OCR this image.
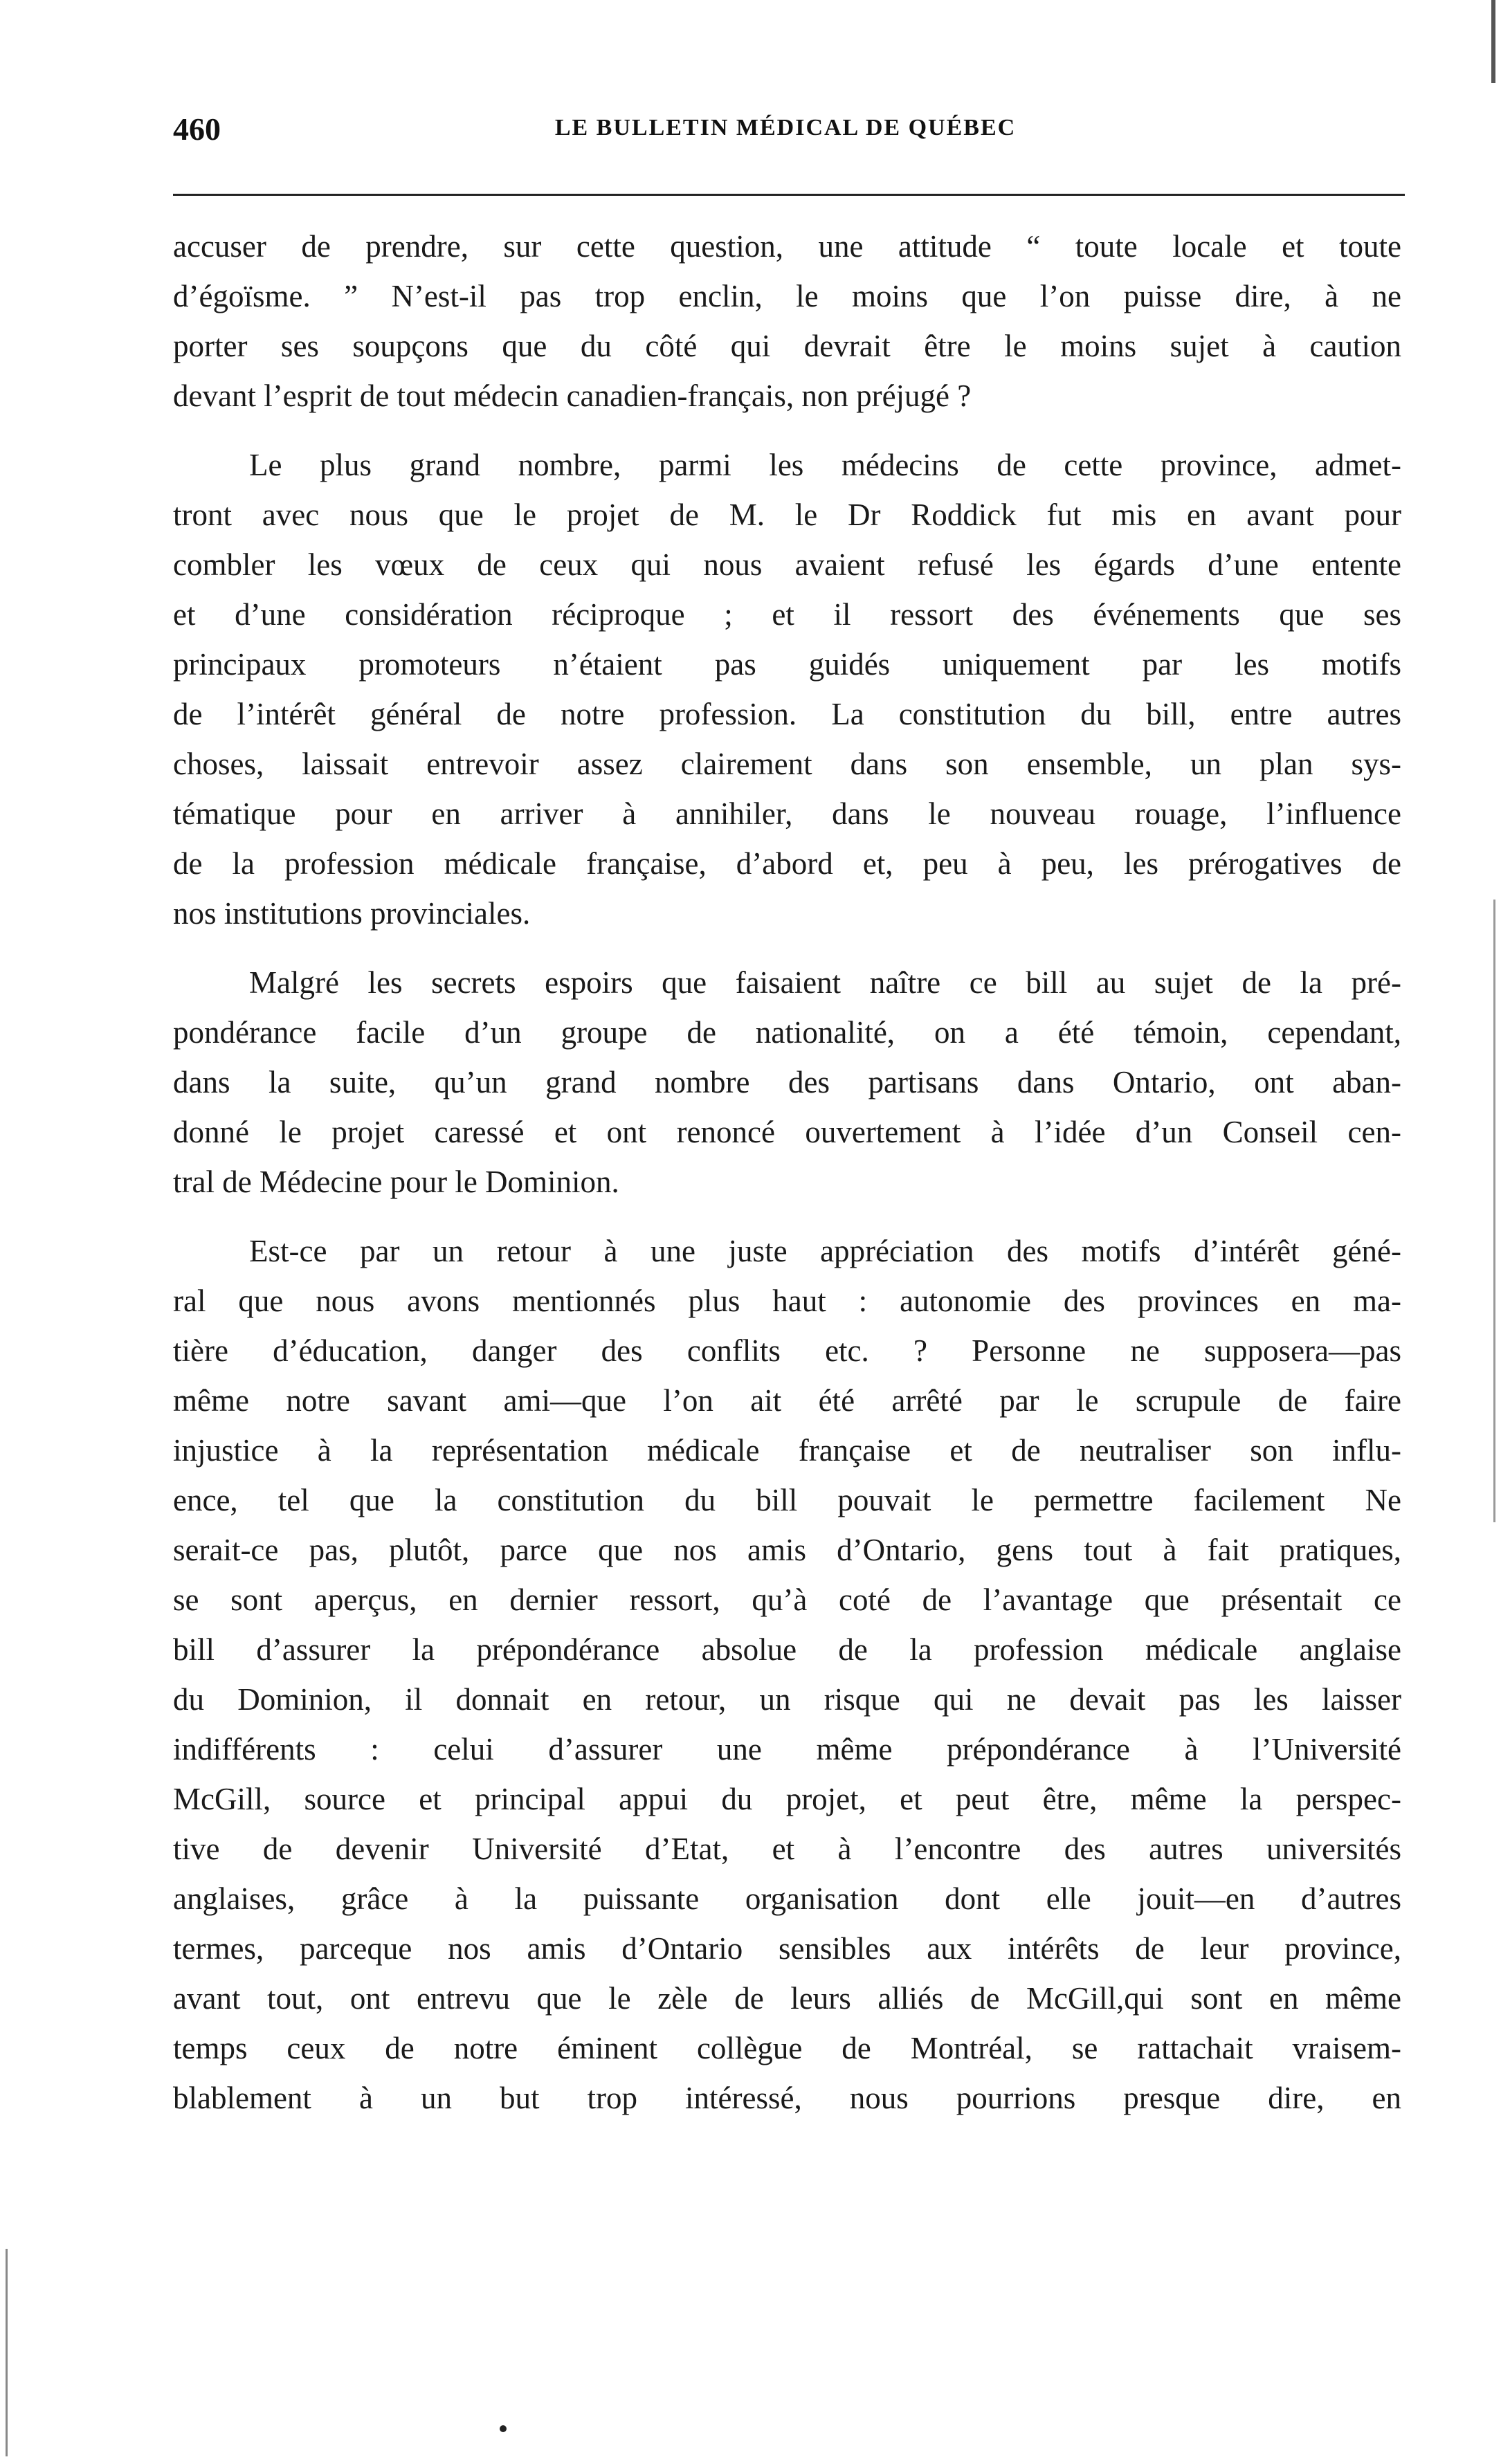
460	LE BULLETIN MÉDICAL DE QUÉBEC
accuser de prendre, sur cette question, une attitude “ toute locale et toute
d’égoïsme. ” N’est-il pas trop enclin, le moins que l’on puisse dire, à ne
porter ses soupçons que du côté qui devrait être le moins sujet à caution
devant l’esprit de tout médecin canadien-français, non préjugé ?
Le plus grand nombre, parmi les médecins de cette province, admet-
tront avec nous que le projet de M. le Dr Roddick fut mis en avant pour
combler les vœux de ceux qui nous avaient refusé les égards d’une entente
et d’une considération réciproque ; et il ressort des événements que ses
principaux promoteurs n’étaient pas guidés uniquement par les motifs
de l’intérêt général de notre profession. La constitution du bill, entre autres
choses, laissait entrevoir assez clairement dans son ensemble, un plan sys-
tématique pour en arriver à annihiler, dans le nouveau rouage, l’influence
de la profession médicale française, d’abord et, peu à peu, les prérogatives de
nos institutions provinciales.
Malgré les secrets espoirs que faisaient naître ce bill au sujet de la pré-
pondérance facile d’un groupe de nationalité, on a été témoin, cependant,
dans la suite, qu’un grand nombre des partisans dans Ontario, ont aban-
donné le projet caressé et ont renoncé ouvertement à l’idée d’un Conseil cen-
tral de Médecine pour le Dominion.
Est-ce par un retour à une juste appréciation des motifs d’intérêt géné-
ral que nous avons mentionnés plus haut : autonomie des provinces en ma-
tière d’éducation, danger des conflits etc. ? Personne ne supposera—pas
même notre savant ami—que l’on ait été arrêté par le scrupule de faire
injustice à la représentation médicale française et de neutraliser son influ-
ence, tel que la constitution du bill pouvait le permettre facilement Ne
serait-ce pas, plutôt, parce que nos amis d’Ontario, gens tout à fait pratiques,
se sont aperçus, en dernier ressort, qu’à coté de l’avantage que présentait ce
bill d’assurer la prépondérance absolue de la profession médicale anglaise
du Dominion, il donnait en retour, un risque qui ne devait pas les laisser
indifférents : celui d’assurer une même prépondérance à l’Université
McGill, source et principal appui du projet, et peut être, même la perspec-
tive de devenir Université d’Etat, et à l’encontre des autres universités
anglaises, grâce à la puissante organisation dont elle jouit—en d’autres
termes, parceque nos amis d’Ontario sensibles aux intérêts de leur province,
avant tout, ont entrevu que le zèle de leurs alliés de McGill,qui sont en même
temps ceux de notre éminent collègue de Montréal, se rattachait vraisem-
blablement à un but trop intéressé, nous pourrions presque dire, en
